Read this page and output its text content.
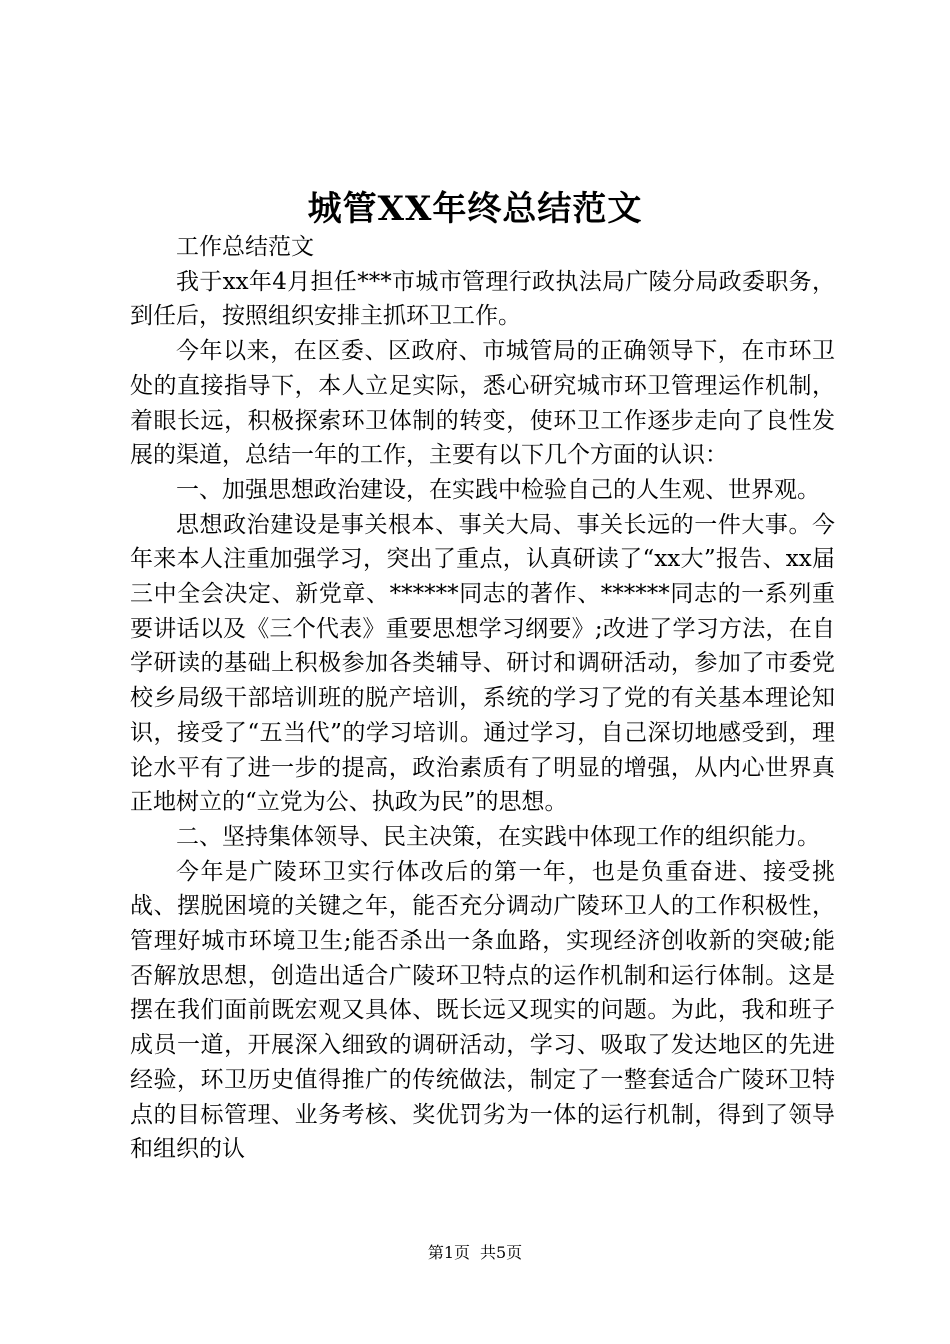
城管XX年终总结范文

工作总结范文

我于xx年4月担任***市城市管理行政执法局广陵分局政委职务，到任后，按照组织安排主抓环卫工作。

今年以来，在区委、区政府、市城管局的正确领导下，在市环卫处的直接指导下，本人立足实际，悉心研究城市环卫管理运作机制，着眼长远，积极探索环卫体制的转变，使环卫工作逐步走向了良性发展的渠道，总结一年的工作，主要有以下几个方面的认识：

一、加强思想政治建设，在实践中检验自己的人生观、世界观。

思想政治建设是事关根本、事关大局、事关长远的一件大事。今年来本人注重加强学习，突出了重点，认真研读了“xx大”报告、xx届三中全会决定、新党章、******同志的著作、******同志的一系列重要讲话以及《三个代表》重要思想学习纲要》;改进了学习方法，在自学研读的基础上积极参加各类辅导、研讨和调研活动，参加了市委党校乡局级干部培训班的脱产培训，系统的学习了党的有关基本理论知识，接受了“五当代”的学习培训。通过学习，自己深切地感受到，理论水平有了进一步的提高，政治素质有了明显的增强，从内心世界真正地树立的“立党为公、执政为民”的思想。

二、坚持集体领导、民主决策，在实践中体现工作的组织能力。

今年是广陵环卫实行体改后的第一年，也是负重奋进、接受挑战、摆脱困境的关键之年，能否充分调动广陵环卫人的工作积极性，管理好城市环境卫生;能否杀出一条血路，实现经济创收新的突破;能否解放思想，创造出适合广陵环卫特点的运作机制和运行体制。这是摆在我们面前既宏观又具体、既长远又现实的问题。为此，我和班子成员一道，开展深入细致的调研活动，学习、吸取了发达地区的先进经验，环卫历史值得推广的传统做法，制定了一整套适合广陵环卫特点的目标管理、业务考核、奖优罚劣为一体的运行机制，得到了领导和组织的认

第1页 共5页
